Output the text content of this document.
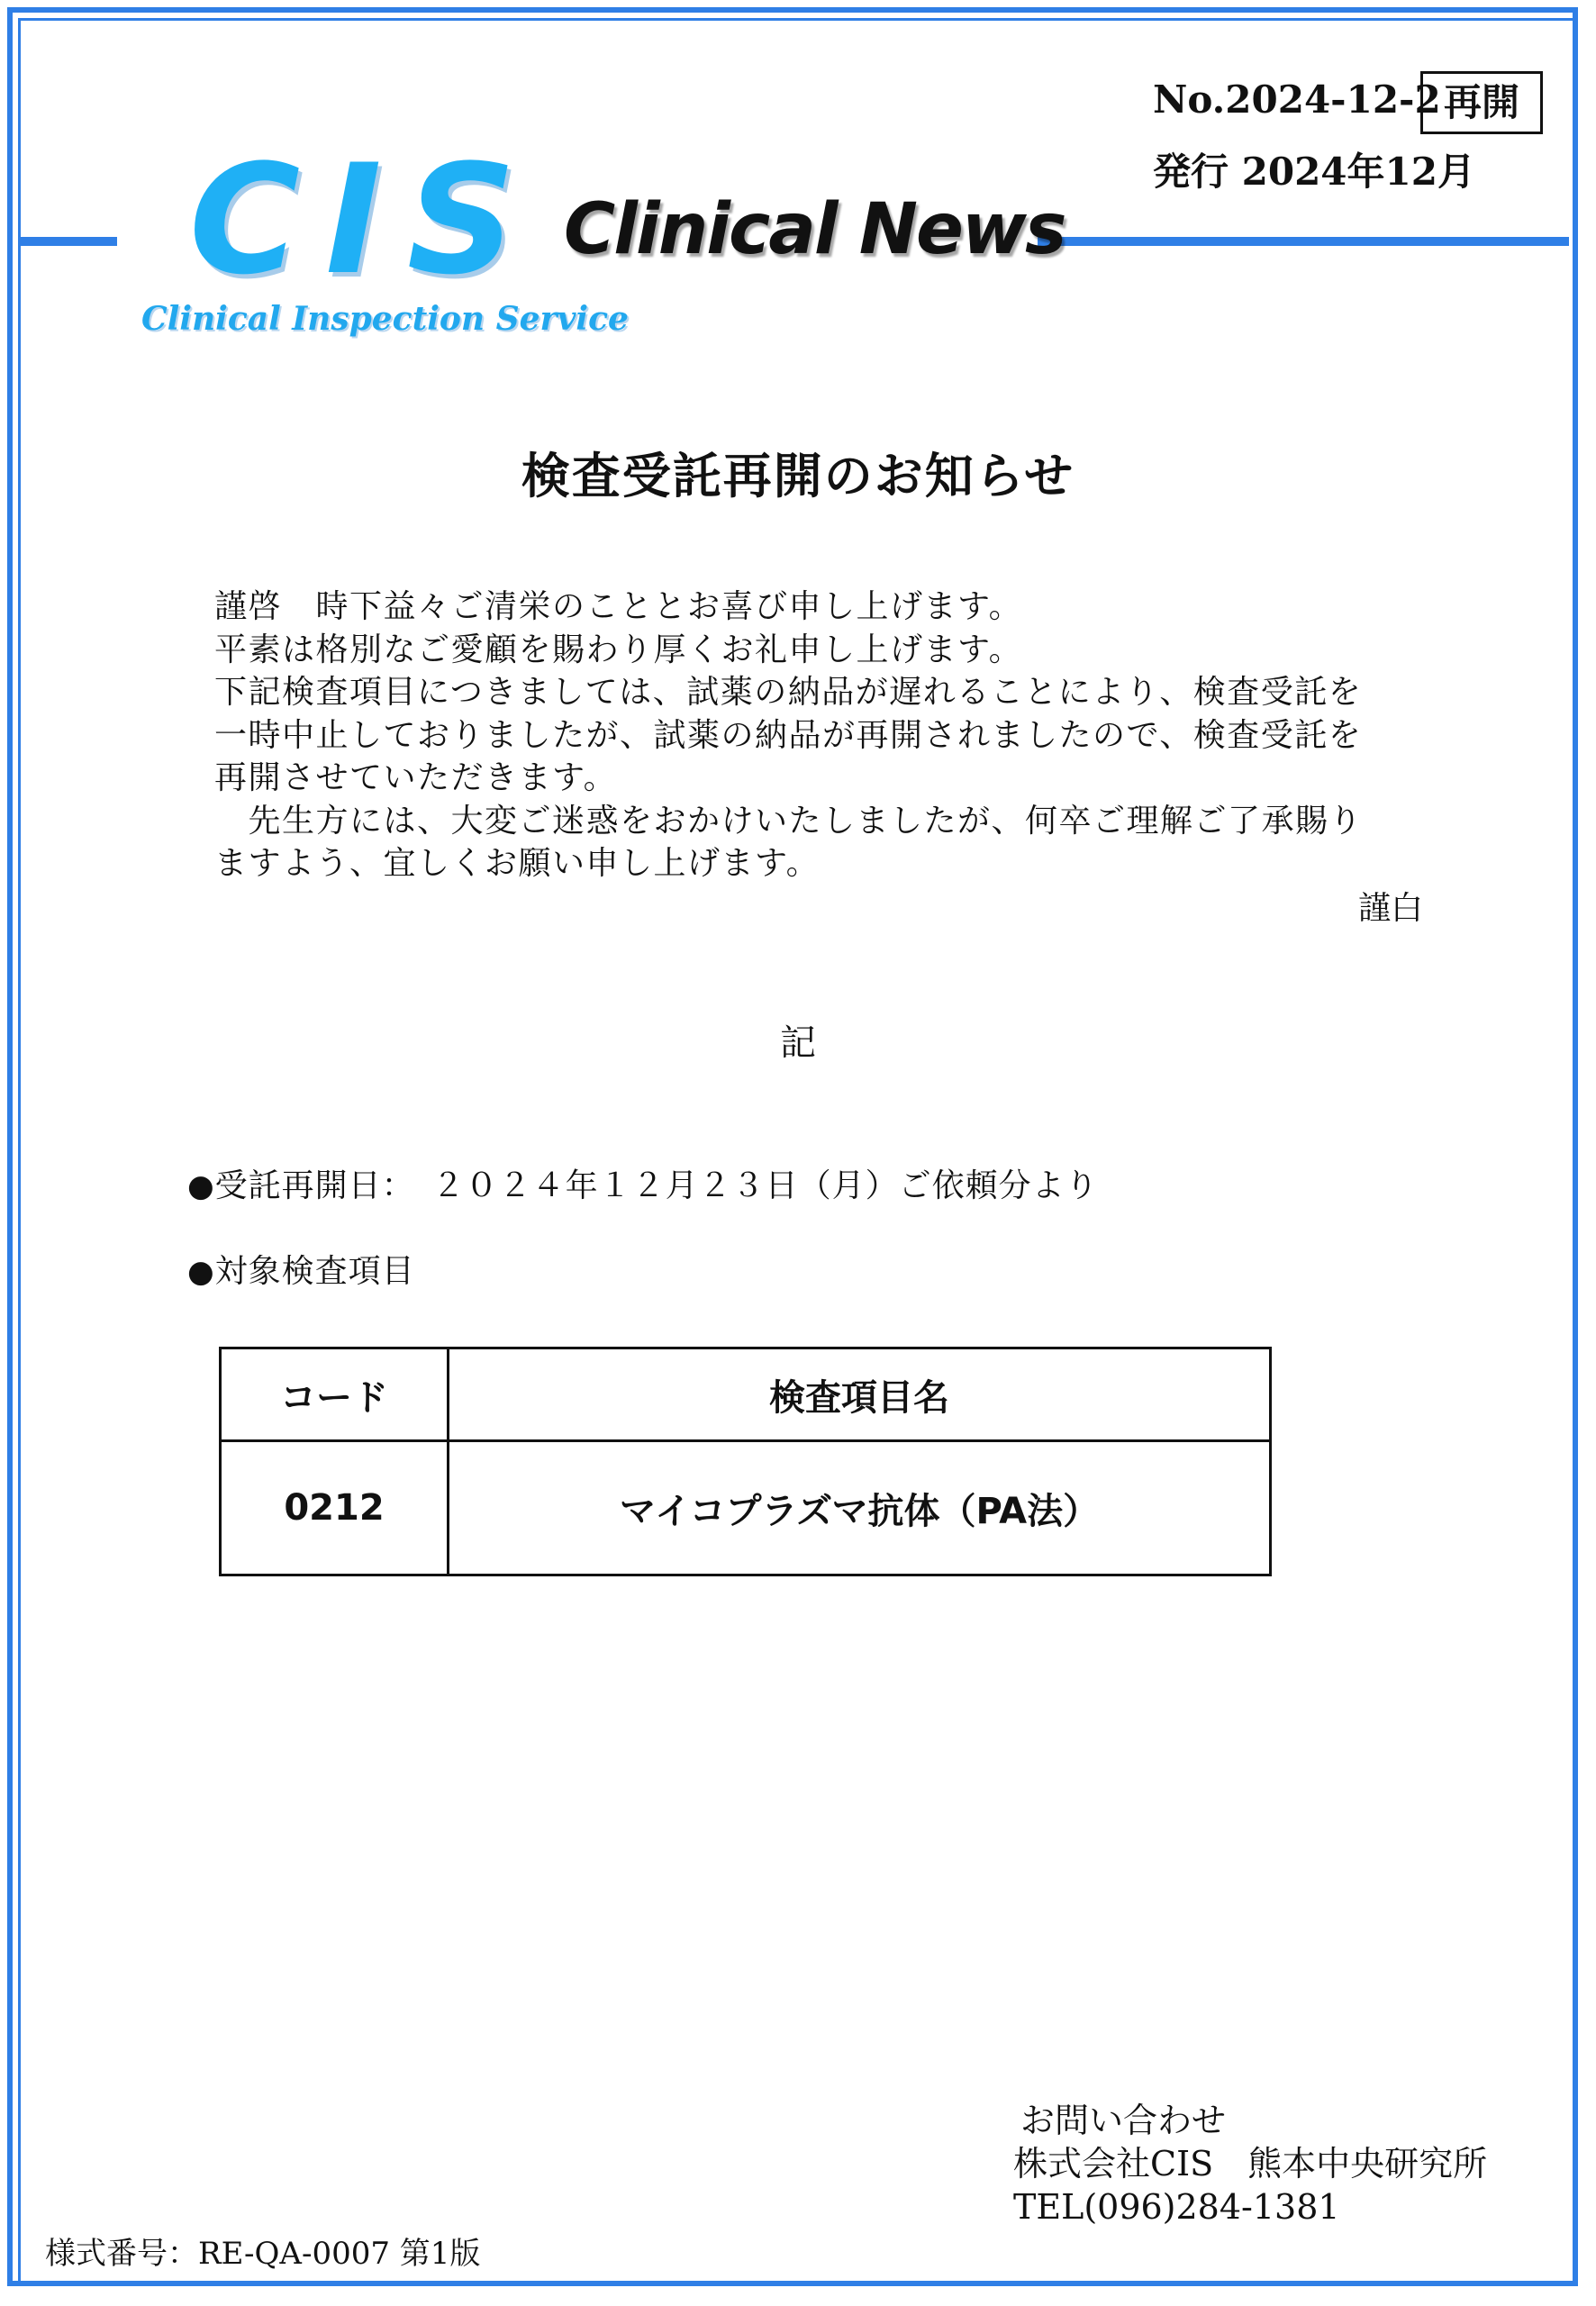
CIS
Clinical Inspection Service
Clinical News
No.2024-12-2 再開
発行 2024年12月
検査受託再開のお知らせ

謹啓　時下益々ご清栄のこととお喜び申し上げます。

平素は格別なご愛顧を賜わり厚くお礼申し上げます。

下記検査項目につきましては、試薬の納品が遅れることにより、検査受託を

一時中止しておりましたが、試薬の納品が再開されましたので、検査受託を

再開させていただきます。

　先生方には、大変ご迷惑をおかけいたしましたが、何卒ご理解ご了承賜り

ますよう、宜しくお願い申し上げます。

謹白
記
●受託再開日：　２０２４年１２月２３日（月）ご依頼分より
●対象検査項目
コード	検査項目名
0212	マイコプラズマ抗体（PA法）
お問い合わせ
株式会社CIS　熊本中央研究所
TEL(096)284-1381
様式番号：RE-QA-0007 第1版
